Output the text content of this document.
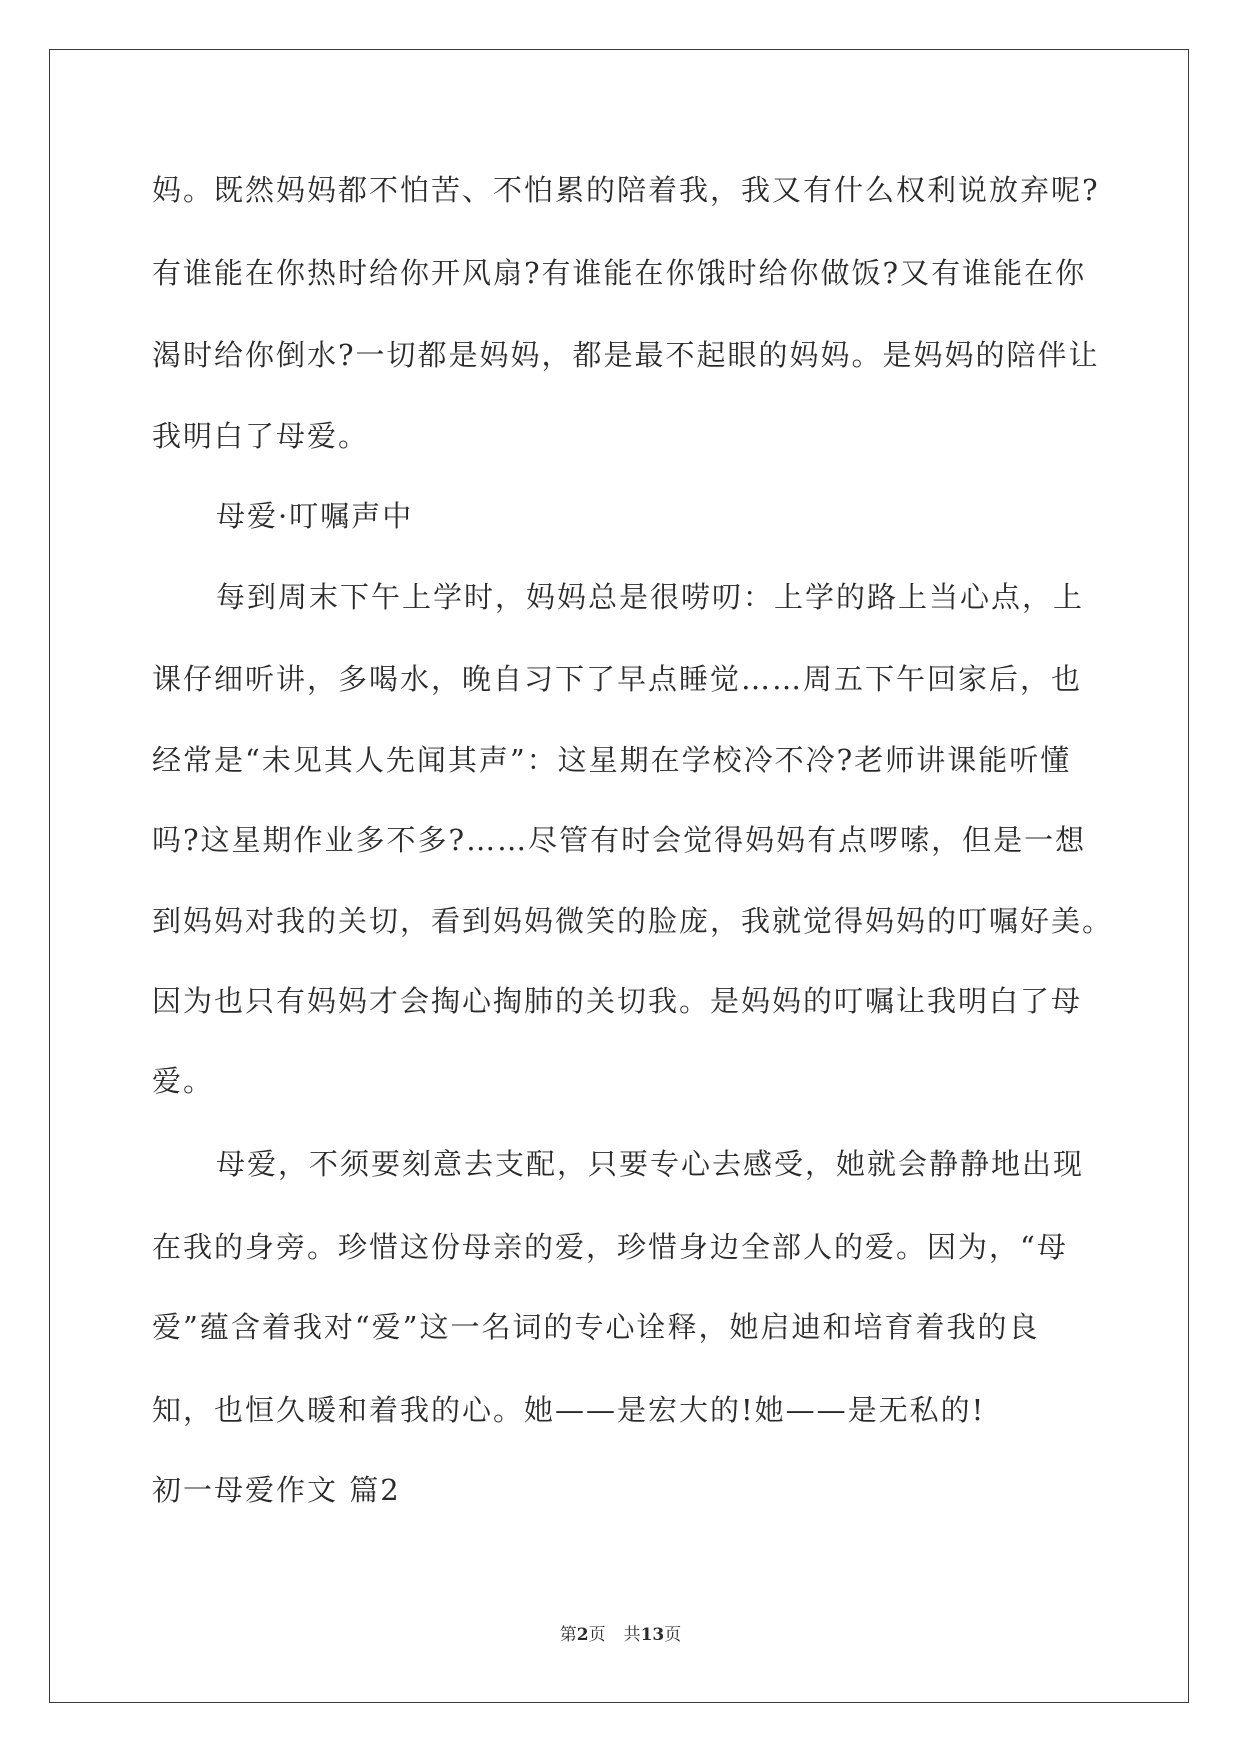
妈。既然妈妈都不怕苦、不怕累的陪着我，我又有什么权利说放弃呢?
有谁能在你热时给你开风扇?有谁能在你饿时给你做饭?又有谁能在你
渴时给你倒水?一切都是妈妈，都是最不起眼的妈妈。是妈妈的陪伴让
我明白了母爱。
母爱·叮嘱声中
每到周末下午上学时，妈妈总是很唠叨：上学的路上当心点，上
课仔细听讲，多喝水，晚自习下了早点睡觉……周五下午回家后，也
经常是“未见其人先闻其声”：这星期在学校冷不冷?老师讲课能听懂
吗?这星期作业多不多?……尽管有时会觉得妈妈有点啰嗦，但是一想
到妈妈对我的关切，看到妈妈微笑的脸庞，我就觉得妈妈的叮嘱好美。
因为也只有妈妈才会掏心掏肺的关切我。是妈妈的叮嘱让我明白了母
爱。
母爱，不须要刻意去支配，只要专心去感受，她就会静静地出现
在我的身旁。珍惜这份母亲的爱，珍惜身边全部人的爱。因为，“母
爱”蕴含着我对“爱”这一名词的专心诠释，她启迪和培育着我的良
知，也恒久暖和着我的心。她——是宏大的!她——是无私的!
初一母爱作文 篇2
第2页 共13页
